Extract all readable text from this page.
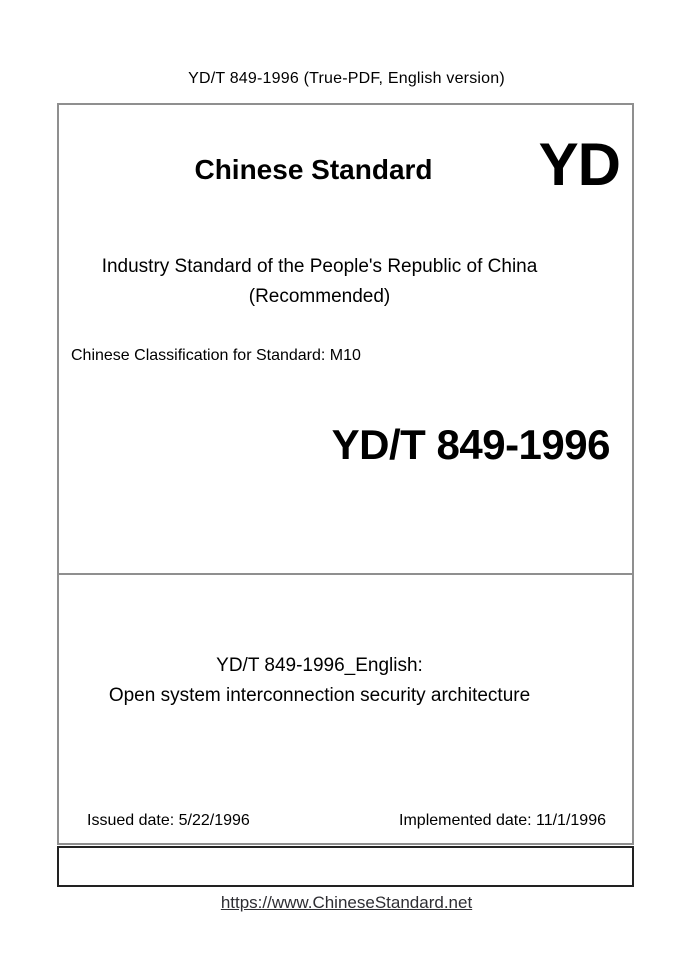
YD/T 849-1996 (True-PDF, English version)
Chinese Standard	YD

Industry Standard of the People's Republic of China

(Recommended)

Chinese Classification for Standard: M10

YD/T 849-1996

YD/T 849-1996_English:

Open system interconnection security architecture

Issued date: 5/22/1996	Implemented date: 11/1/1996
https://www.ChineseStandard.net
